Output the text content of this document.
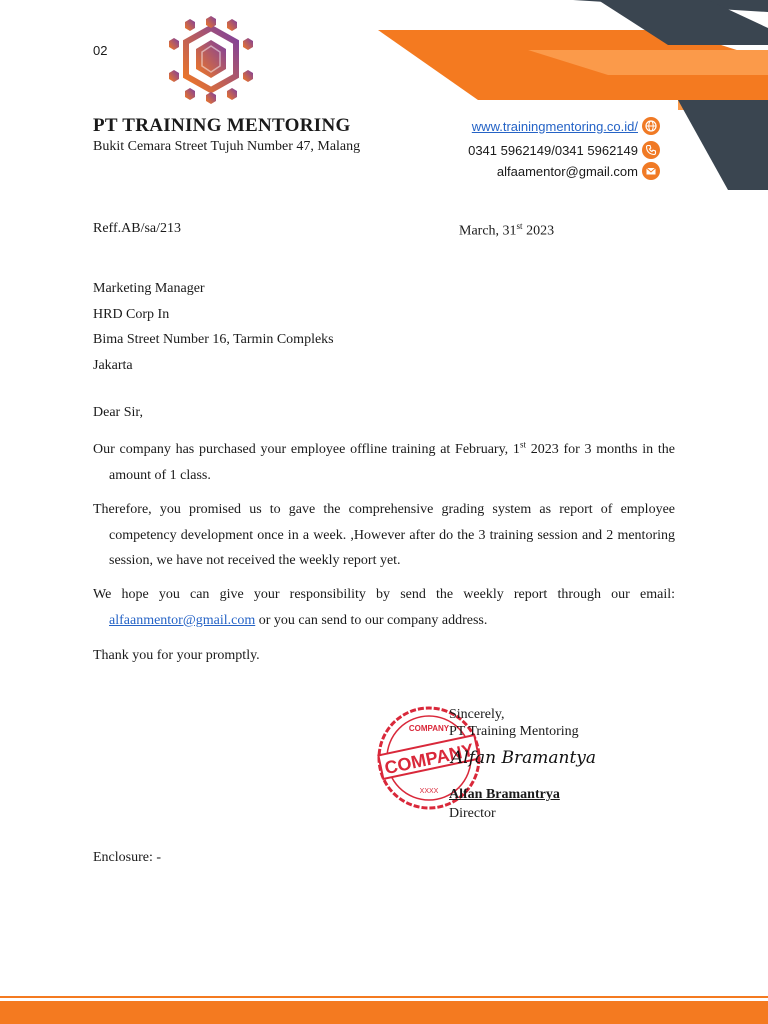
02
PT TRAINING MENTORING
Bukit Cemara Street Tujuh Number 47, Malang
www.trainingmentoring.co.id/
0341 5962149/0341 5962149
alfaamentor@gmail.com
Reff.AB/sa/213	March, 31st 2023
Marketing Manager
HRD Corp In
Bima Street Number 16, Tarmin Compleks
Jakarta
Dear Sir,
Our company has purchased your employee offline training at February, 1st 2023 for 3 months in the amount of 1 class.
Therefore, you promised us to gave the comprehensive grading system as report of employee competency development once in a week. ,However after do the 3 training session and 2 mentoring session, we have not received the weekly report yet.
We hope you can give your responsibility by send the weekly report through our email: alfaanmentor@gmail.com or you can send to our company address.
Thank you for your promptly.
COMPANY
COMPANY
XXXX
Sincerely,
PT Training Mentoring
Alfan Bramantya
Alfan Bramantrya
Director
Enclosure: -
